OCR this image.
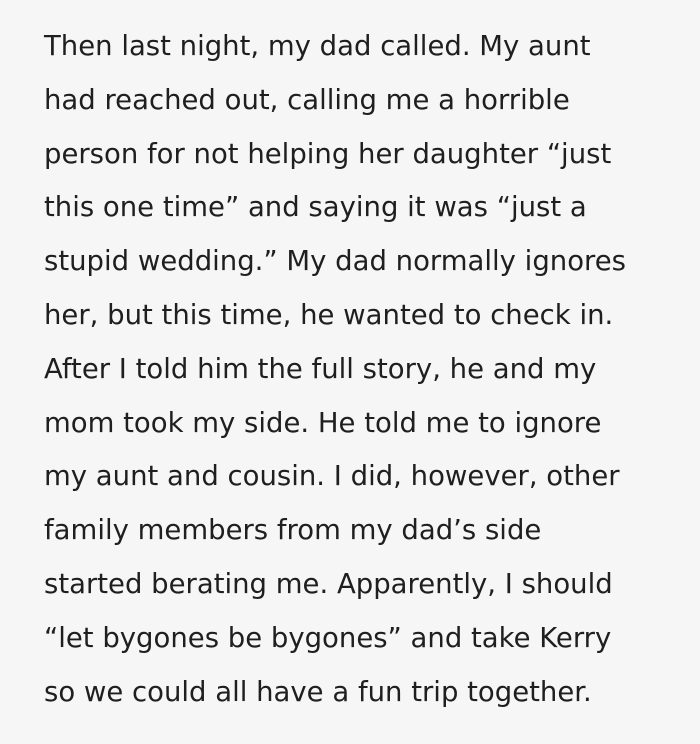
Then last night, my dad called. My aunt
had reached out, calling me a horrible
person for not helping her daughter “just
this one time” and saying it was “just a
stupid wedding.” My dad normally ignores
her, but this time, he wanted to check in.
After I told him the full story, he and my
mom took my side. He told me to ignore
my aunt and cousin. I did, however, other
family members from my dad’s side
started berating me. Apparently, I should
“let bygones be bygones” and take Kerry
so we could all have a fun trip together.
